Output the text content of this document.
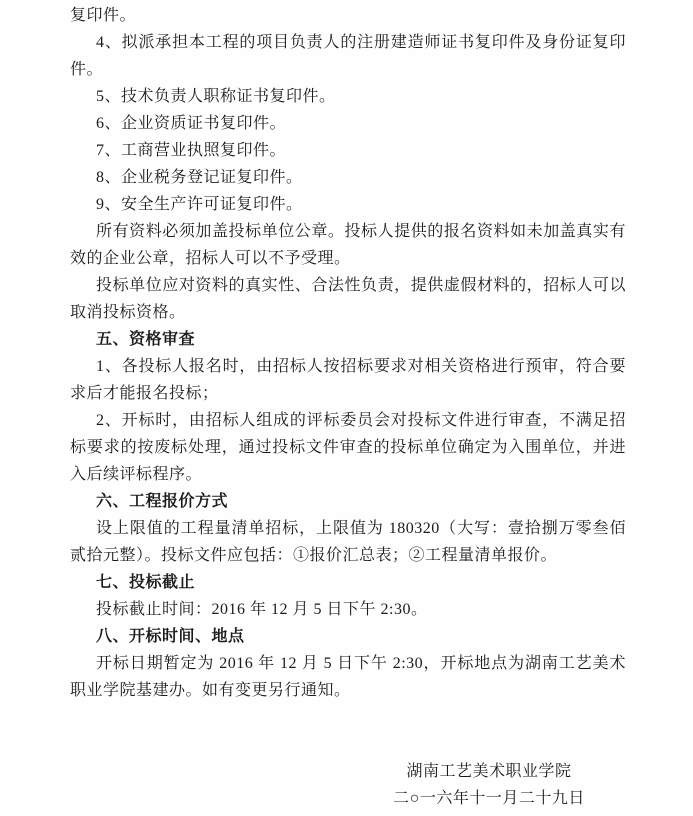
复印件。

4、拟派承担本工程的项目负责人的注册建造师证书复印件及身份证复印件。

5、技术负责人职称证书复印件。

6、企业资质证书复印件。

7、工商营业执照复印件。

8、企业税务登记证复印件。

9、安全生产许可证复印件。

所有资料必须加盖投标单位公章。投标人提供的报名资料如未加盖真实有效的企业公章，招标人可以不予受理。

投标单位应对资料的真实性、合法性负责，提供虚假材料的，招标人可以取消投标资格。

五、资格审查

1、各投标人报名时，由招标人按招标要求对相关资格进行预审，符合要求后才能报名投标；

2、开标时，由招标人组成的评标委员会对投标文件进行审查，不满足招标要求的按废标处理，通过投标文件审查的投标单位确定为入围单位，并进入后续评标程序。

六、工程报价方式

设上限值的工程量清单招标，上限值为 180320（大写：壹拾捌万零叁佰贰拾元整）。投标文件应包括：①报价汇总表；②工程量清单报价。

七、投标截止

投标截止时间：2016 年 12 月 5 日下午 2:30。

八、开标时间、地点

开标日期暂定为 2016 年 12 月 5 日下午 2:30，开标地点为湖南工艺美术职业学院基建办。如有变更另行通知。

湖南工艺美术职业学院
二○一六年十一月二十九日
